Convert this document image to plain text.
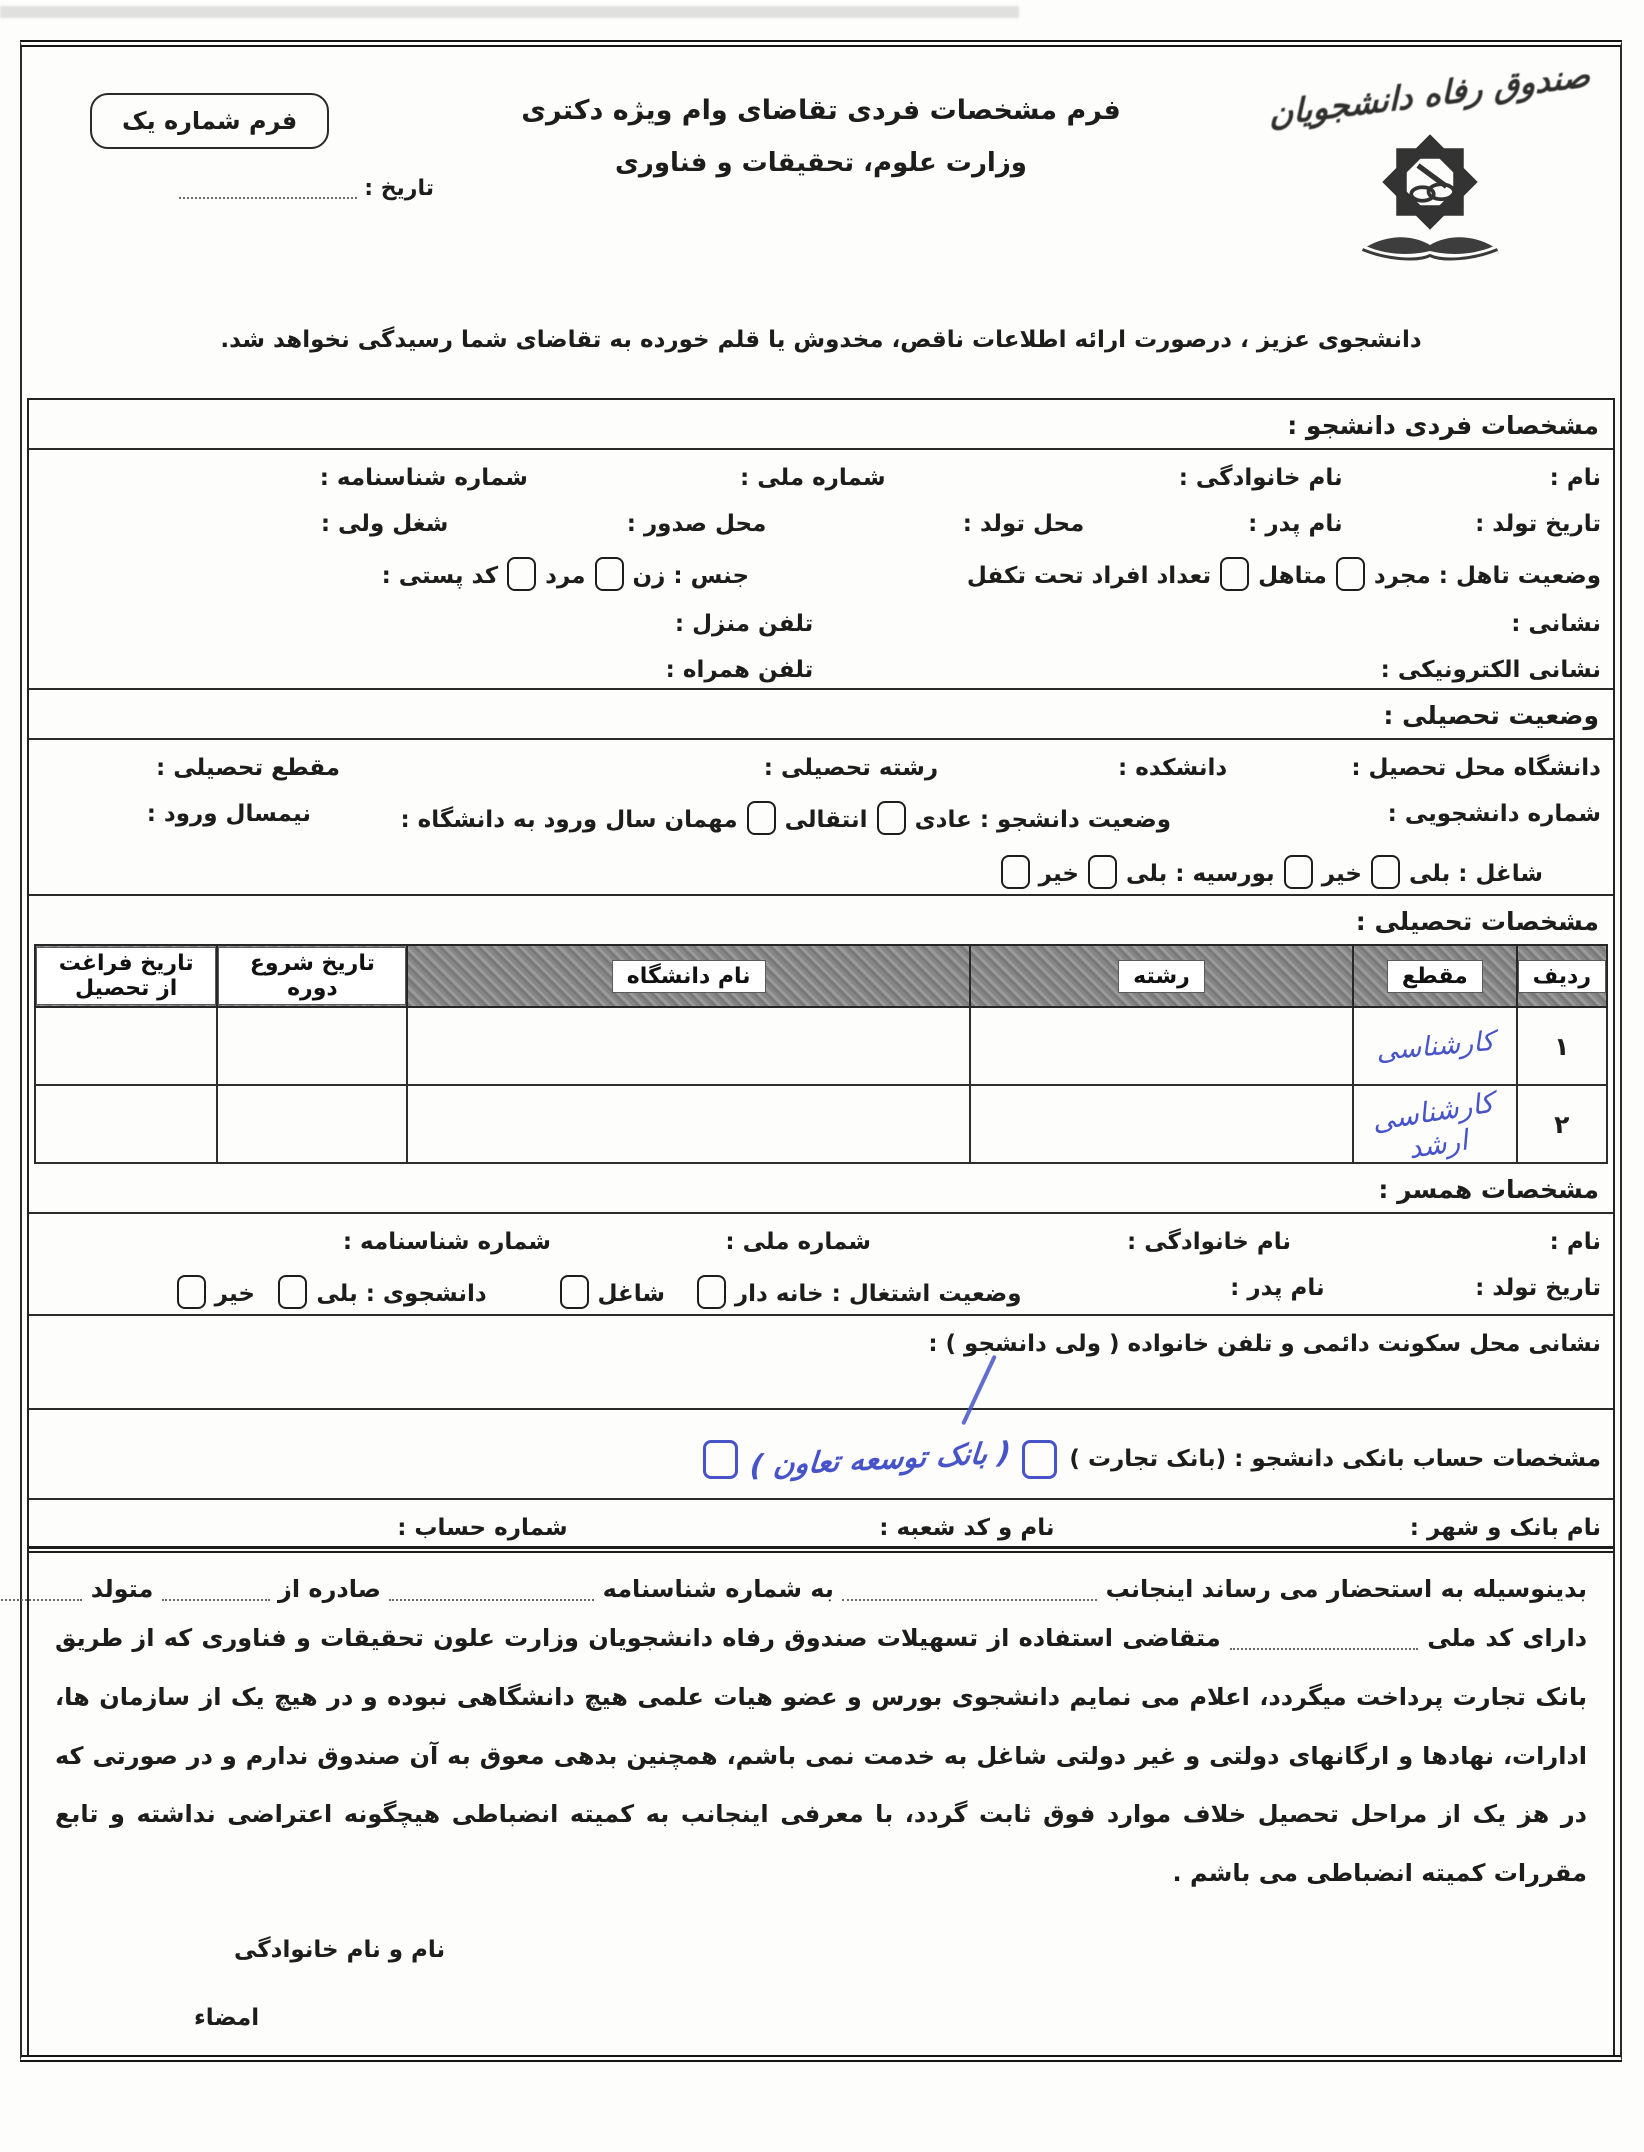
صندوق رفاه دانشجویان
فرم مشخصات فردی تقاضای وام ویژه دکتری
وزارت علوم، تحقیقات و فناوری
فرم شماره یک
تاریخ :
دانشجوی عزیز ، درصورت ارائه اطلاعات ناقص، مخدوش یا قلم خورده به تقاضای شما رسیدگی نخواهد شد.
مشخصات فردی دانشجو :
نام :
نام خانوادگی :
شماره ملی :
شماره شناسنامه :
تاریخ تولد :
نام پدر :
محل تولد :
محل صدور :
شغل ولی :
وضعیت تاهل : مجردمتاهلتعداد افراد تحت تکفل
جنس : زنمردکد پستی :
نشانی :
تلفن منزل :
نشانی الکترونیکی :
تلفن همراه :
وضعیت تحصیلی :
دانشگاه محل تحصیل :
دانشکده :
رشته تحصیلی :
مقطع تحصیلی :
شماره دانشجویی :
وضعیت دانشجو : عادیانتقالیمهمان سال ورود به دانشگاه :
نیمسال ورود :
شاغل : بلیخیربورسیه : بلیخیر
مشخصات تحصیلی :
ردیف	مقطع	رشته	نام دانشگاه	تاریخ شروع دوره	تاریخ فراغت از تحصیل
۱	کارشناسی				
۲	کارشناسی ارشد				
مشخصات همسر :
نام :
نام خانوادگی :
شماره ملی :
شماره شناسنامه :
تاریخ تولد :
نام پدر :
وضعیت اشتغال : خانه دار
شاغل
دانشجوی : بلی
خیر
نشانی محل سکونت دائمی و تلفن خانواده ( ولی دانشجو ) :
مشخصات حساب بانکی دانشجو : (بانک تجارت )
( بانک توسعه تعاون )
نام بانک و شهر :
نام و کد شعبه :
شماره حساب :
بدینوسیله به استحضار می رساند اینجانب  به شماره شناسنامه  صادره از  متولد
دارای کد ملی  متقاضی استفاده از تسهیلات صندوق رفاه دانشجویان وزارت علون تحقیقات و فناوری که از طریق بانک تجارت پرداخت میگردد، اعلام می نمایم دانشجوی بورس و عضو هیات علمی هیچ دانشگاهی نبوده و در هیچ یک از سازمان ها، ادارات، نهادها و ارگانهای دولتی و غیر دولتی شاغل به خدمت نمی باشم، همچنین بدهی معوق به آن صندوق ندارم و در صورتی که در هز یک از مراحل تحصیل خلاف موارد فوق ثابت گردد، با معرفی اینجانب به کمیته انضباطی هیچگونه اعتراضی نداشته و تابع مقررات کمیته انضباطی می باشم .
نام و نام خانوادگی
امضاء
